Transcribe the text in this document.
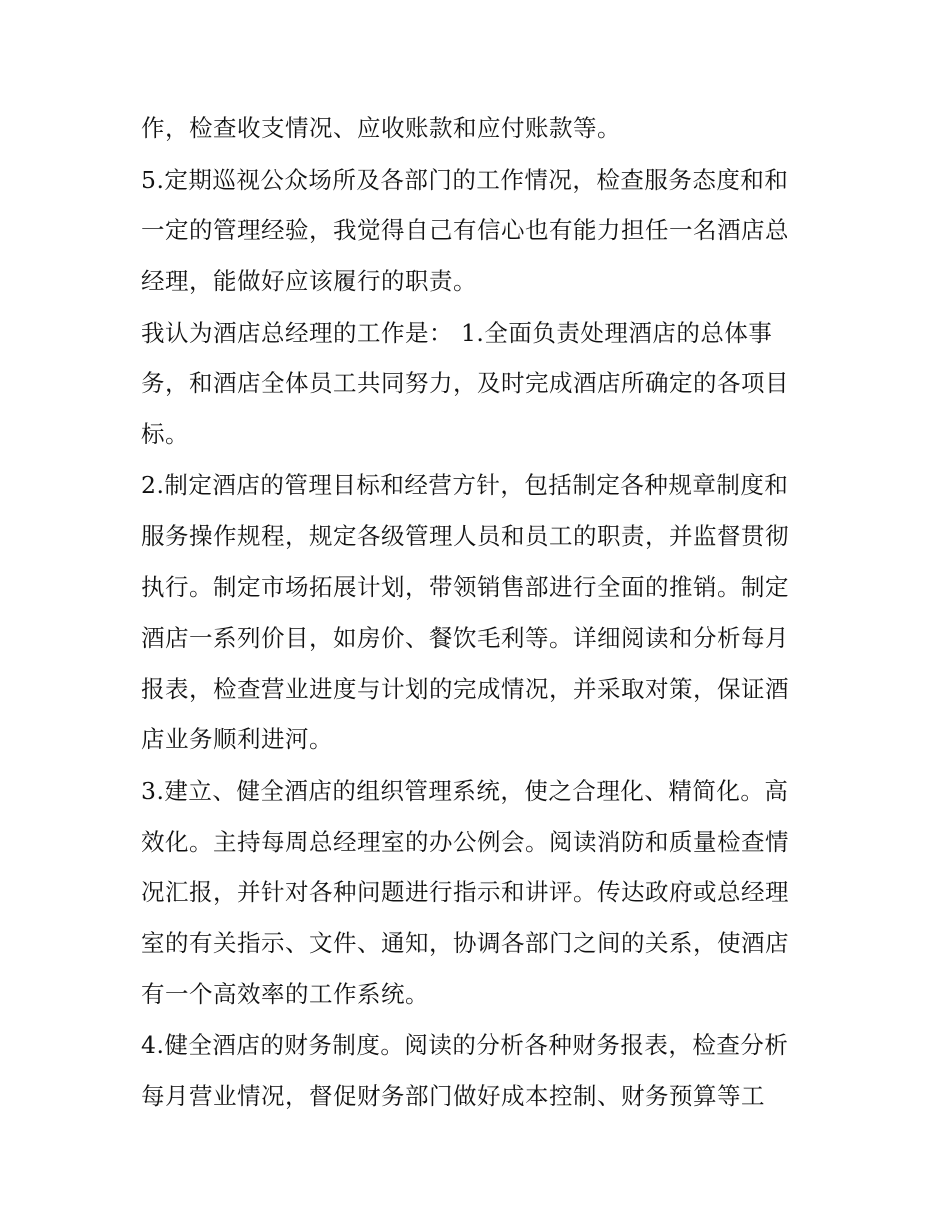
作，检查收支情况、应收账款和应付账款等。
5.定期巡视公众场所及各部门的工作情况，检查服务态度和和
一定的管理经验，我觉得自己有信心也有能力担任一名酒店总
经理，能做好应该履行的职责。
我认为酒店总经理的工作是： 1.全面负责处理酒店的总体事
务，和酒店全体员工共同努力，及时完成酒店所确定的各项目
标。
2.制定酒店的管理目标和经营方针，包括制定各种规章制度和
服务操作规程，规定各级管理人员和员工的职责，并监督贯彻
执行。制定市场拓展计划，带领销售部进行全面的推销。制定
酒店一系列价目，如房价、餐饮毛利等。详细阅读和分析每月
报表，检查营业进度与计划的完成情况，并采取对策，保证酒
店业务顺利进河。
3.建立、健全酒店的组织管理系统，使之合理化、精简化。高
效化。主持每周总经理室的办公例会。阅读消防和质量检查情
况汇报，并针对各种问题进行指示和讲评。传达政府或总经理
室的有关指示、文件、通知，协调各部门之间的关系，使酒店
有一个高效率的工作系统。
4.健全酒店的财务制度。阅读的分析各种财务报表，检查分析
每月营业情况，督促财务部门做好成本控制、财务预算等工
